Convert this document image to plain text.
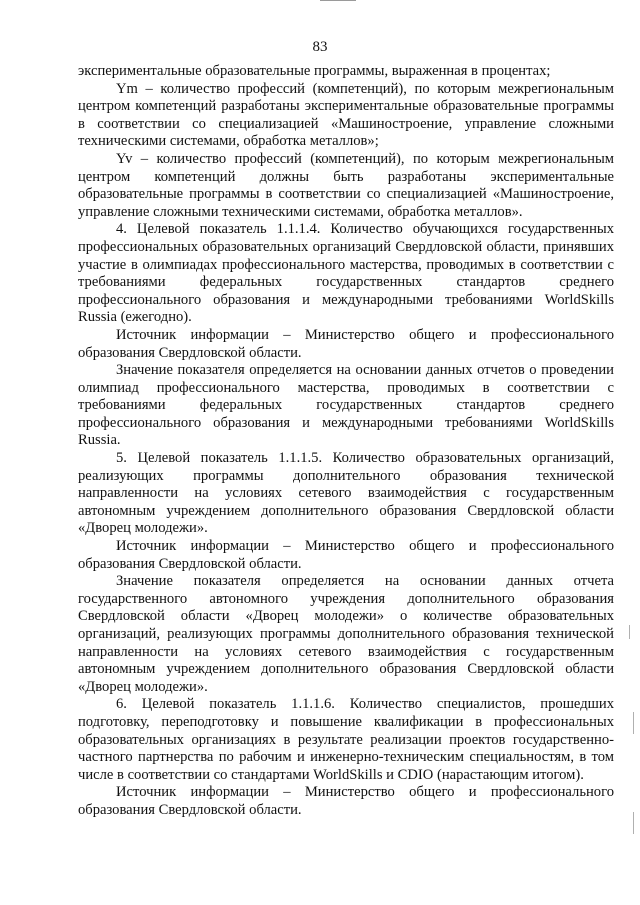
83

экспериментальные образовательные программы, выраженная в процентах;

Ym – количество профессий (компетенций), по которым межрегиональным центром компетенций разработаны экспериментальные образовательные программы в соответствии со специализацией «Машиностроение, управление сложными техническими системами, обработка металлов»;

Yv – количество профессий (компетенций), по которым межрегиональным центром компетенций должны быть разработаны экспериментальные образовательные программы в соответствии со специализацией «Машиностроение, управление сложными техническими системами, обработка металлов».

4. Целевой показатель 1.1.1.4. Количество обучающихся государственных профессиональных образовательных организаций Свердловской области, принявших участие в олимпиадах профессионального мастерства, проводимых в соответствии с требованиями федеральных государственных стандартов среднего профессионального образования и международными требованиями WorldSkills Russia (ежегодно).

Источник информации – Министерство общего и профессионального образования Свердловской области.

Значение показателя определяется на основании данных отчетов о проведении олимпиад профессионального мастерства, проводимых в соответствии с требованиями федеральных государственных стандартов среднего профессионального образования и международными требованиями WorldSkills Russia.

5. Целевой показатель 1.1.1.5. Количество образовательных организаций, реализующих программы дополнительного образования технической направленности на условиях сетевого взаимодействия с государственным автономным учреждением дополнительного образования Свердловской области «Дворец молодежи».

Источник информации – Министерство общего и профессионального образования Свердловской области.

Значение показателя определяется на основании данных отчета государственного автономного учреждения дополнительного образования Свердловской области «Дворец молодежи» о количестве образовательных организаций, реализующих программы дополнительного образования технической направленности на условиях сетевого взаимодействия с государственным автономным учреждением дополнительного образования Свердловской области «Дворец молодежи».

6. Целевой показатель 1.1.1.6. Количество специалистов, прошедших подготовку, переподготовку и повышение квалификации в профессиональных образовательных организациях в результате реализации проектов государственно-частного партнерства по рабочим и инженерно-техническим специальностям, в том числе в соответствии со стандартами WorldSkills и CDIO (нарастающим итогом).

Источник информации – Министерство общего и профессионального образования Свердловской области.
